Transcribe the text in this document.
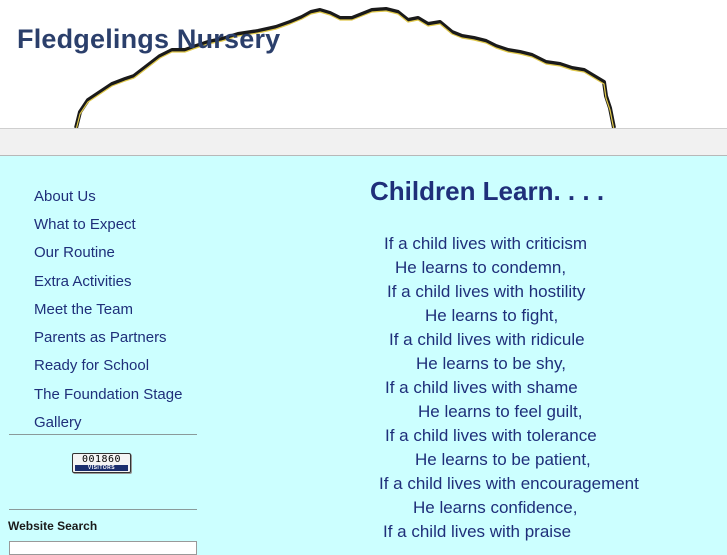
Fledgelings Nursery
About Us
What to Expect
Our Routine
Extra Activities
Meet the Team
Parents as Partners
Ready for School
The Foundation Stage
Gallery
001860
VISITORS
Website Search
Children Learn. . . .
If a child lives with criticism
He learns to condemn,
If a child lives with hostility
He learns to fight,
If a child lives with ridicule
He learns to be shy,
If a child lives with shame
He learns to feel guilt,
If a child lives with tolerance
He learns to be patient,
If a child lives with encouragement
He learns confidence,
If a child lives with praise
